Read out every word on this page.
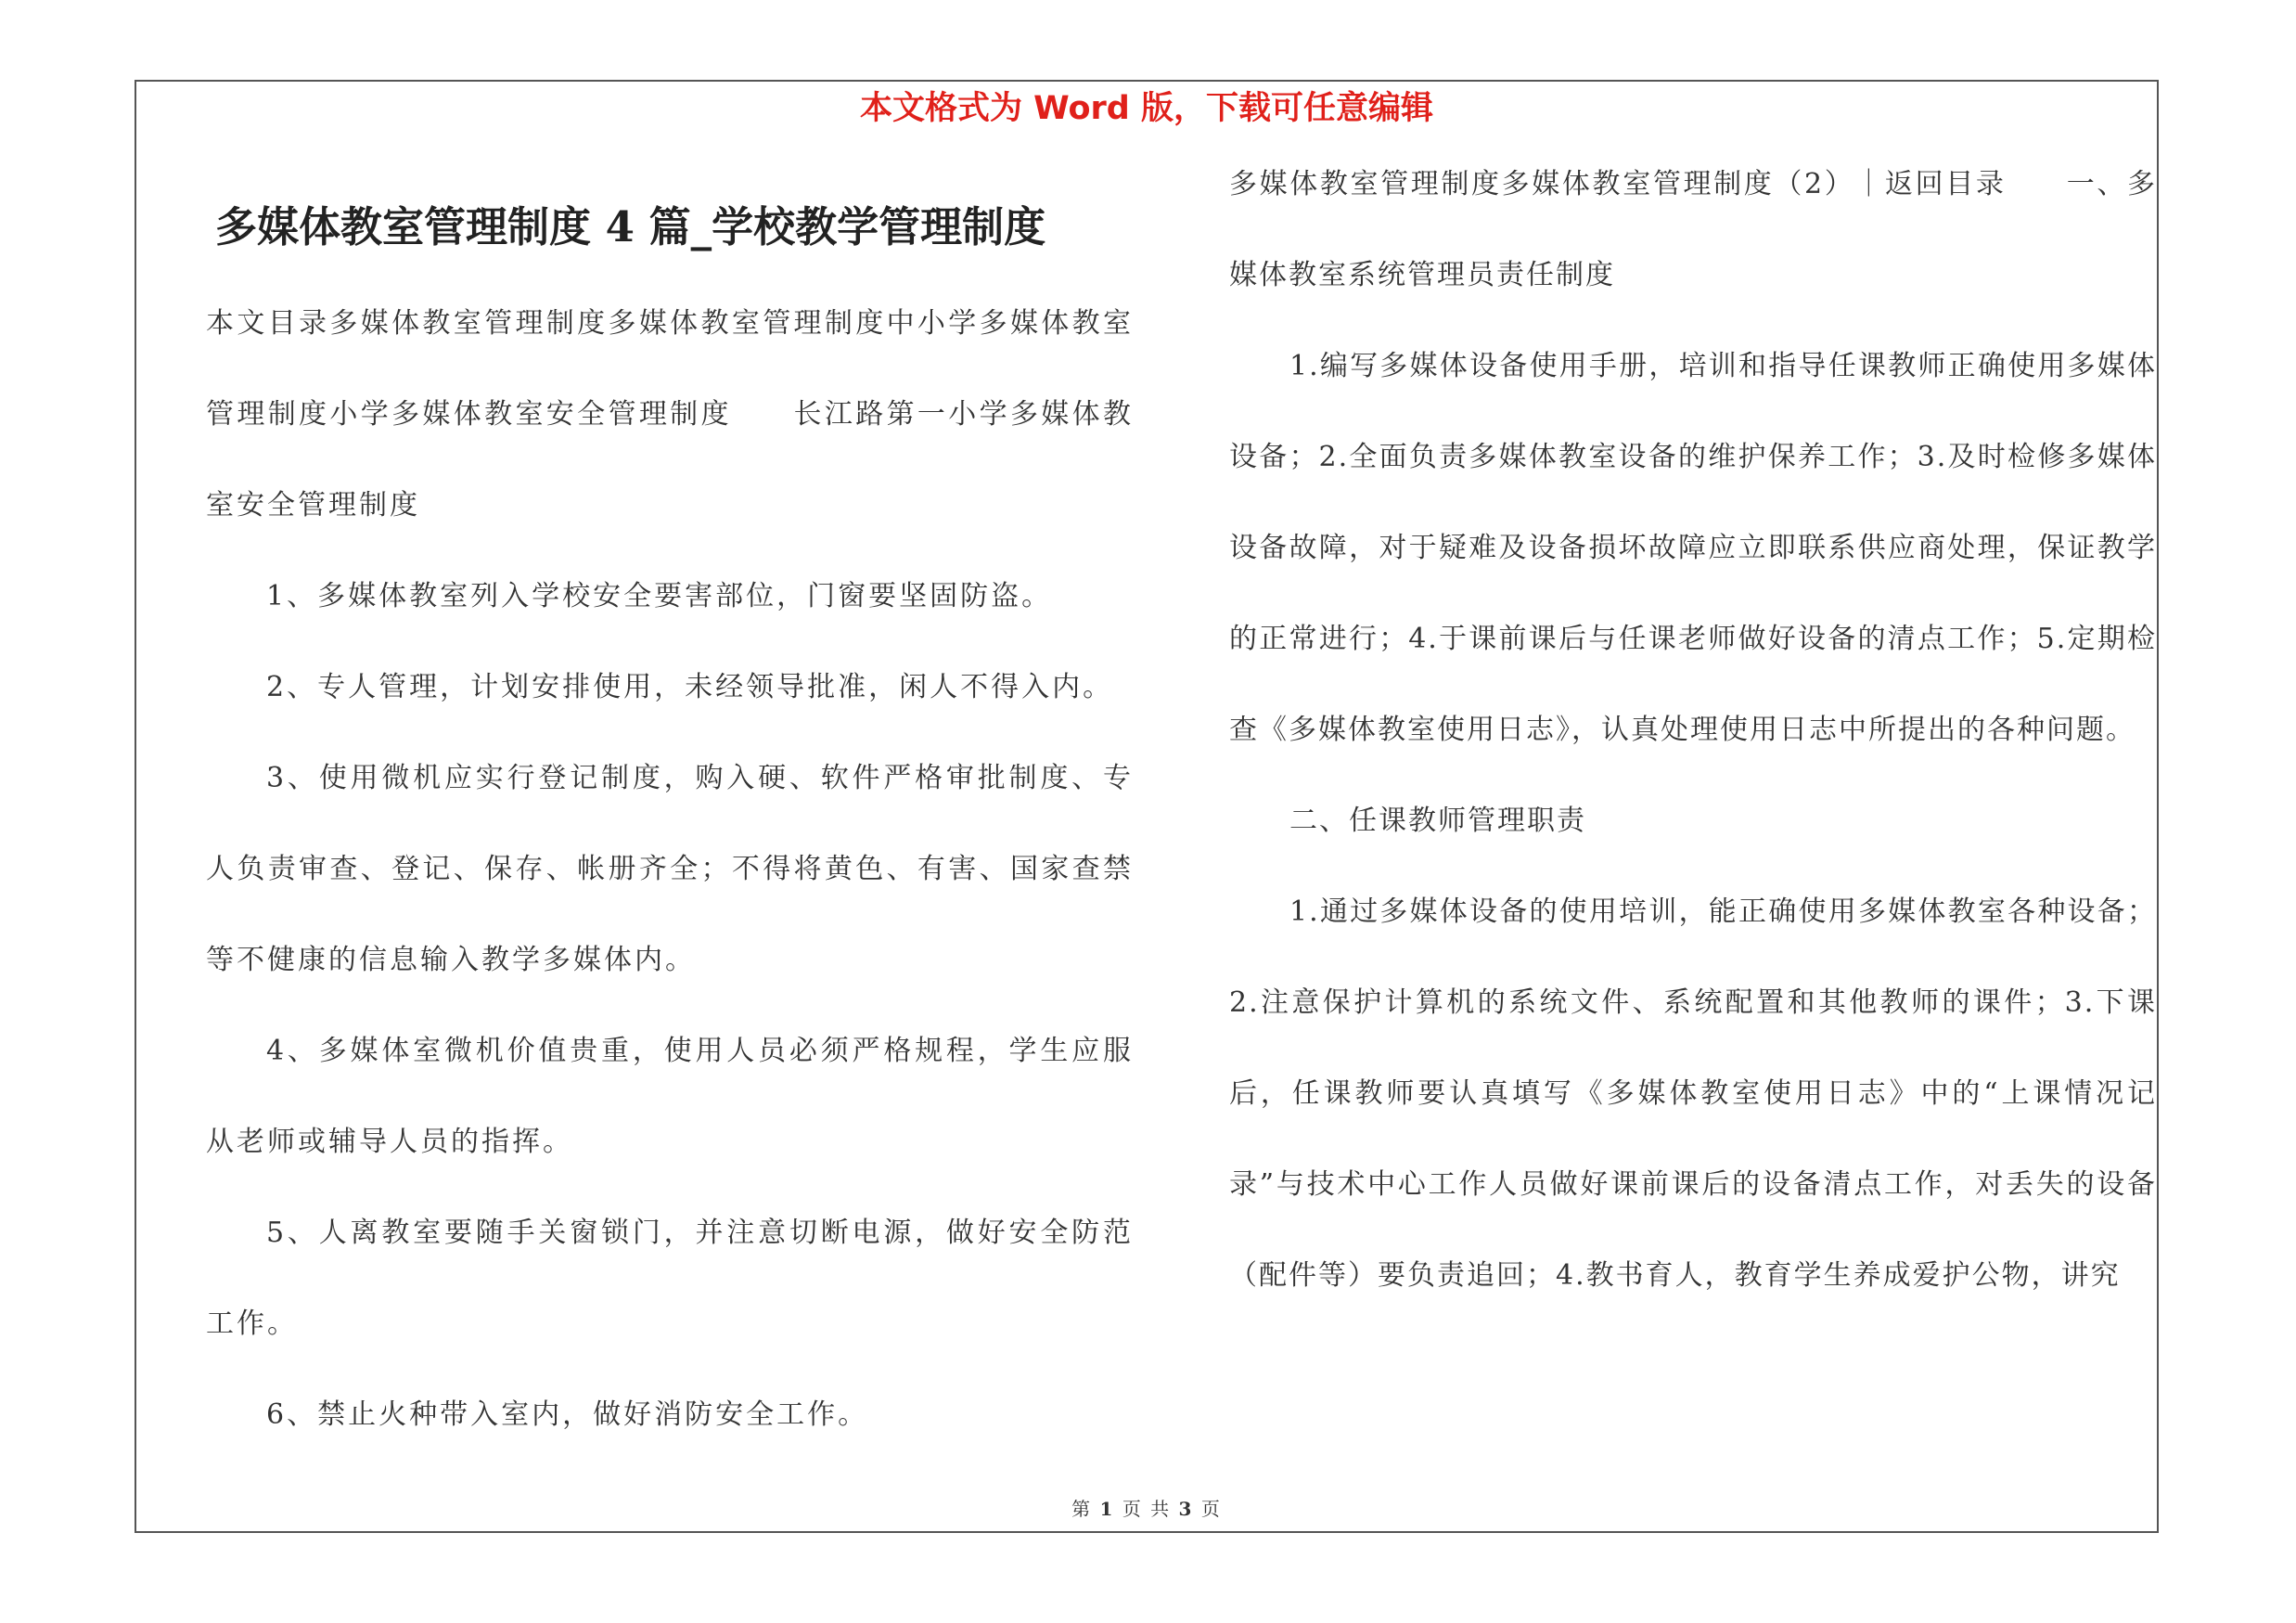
本文格式为 Word 版，下载可任意编辑
多媒体教室管理制度 4 篇_学校教学管理制度

本文目录多媒体教室管理制度多媒体教室管理制度中小学多媒体教室管理制度小学多媒体教室安全管理制度　　长江路第一小学多媒体教室安全管理制度

1、多媒体教室列入学校安全要害部位，门窗要坚固防盗。

2、专人管理，计划安排使用，未经领导批准，闲人不得入内。

3、使用微机应实行登记制度，购入硬、软件严格审批制度、专人负责审查、登记、保存、帐册齐全；不得将黄色、有害、国家查禁等不健康的信息输入教学多媒体内。

4、多媒体室微机价值贵重，使用人员必须严格规程，学生应服从老师或辅导人员的指挥。

5、人离教室要随手关窗锁门，并注意切断电源，做好安全防范工作。

6、禁止火种带入室内，做好消防安全工作。

多媒体教室管理制度多媒体教室管理制度（2）｜返回目录　　一、多媒体教室系统管理员责任制度

1.编写多媒体设备使用手册，培训和指导任课教师正确使用多媒体设备；2.全面负责多媒体教室设备的维护保养工作；3.及时检修多媒体设备故障，对于疑难及设备损坏故障应立即联系供应商处理，保证教学的正常进行；4.于课前课后与任课老师做好设备的清点工作；5.定期检查《多媒体教室使用日志》，认真处理使用日志中所提出的各种问题。

二、任课教师管理职责

1.通过多媒体设备的使用培训，能正确使用多媒体教室各种设备；2.注意保护计算机的系统文件、系统配置和其他教师的课件；3.下课后，任课教师要认真填写《多媒体教室使用日志》中的“上课情况记录”与技术中心工作人员做好课前课后的设备清点工作，对丢失的设备（配件等）要负责追回；4.教书育人，教育学生养成爱护公物，讲究

第 1 页 共 3 页
